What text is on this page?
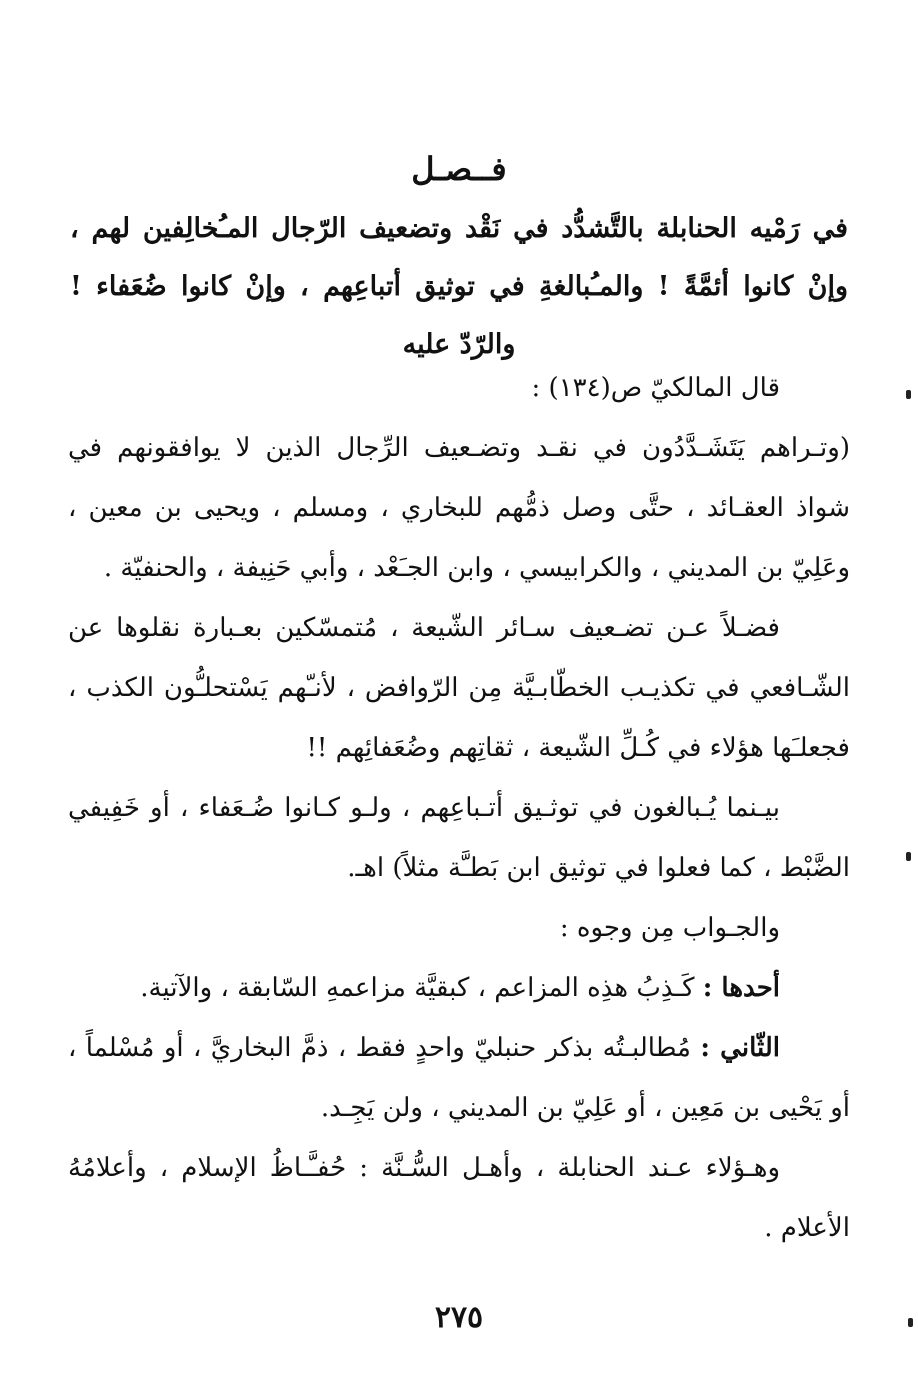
فــصـل
في رَمْيه الحنابلة بالتَّشدُّد في نَقْد وتضعيف الرّجال المـُخالِفين لهم ، وإنْ كانوا أئمَّةً ! والمـُبالغةِ في توثيق أتباعِهم ، وإنْ كانوا ضُعَفاء ! والرّدّ عليه

قال المالكيّ ص(١٣٤) :

(وتـراهم يَتَشَـدَّدُون في نقـد وتضـعيف الرِّجال الذين لا يوافقونهم في شواذ العقـائد ، حتَّى وصل ذمُّهم للبخاري ، ومسلم ، ويحيى بن معين ، وعَلِيّ بن المديني ، والكرابيسي ، وابن الجـَعْد ، وأبي حَنِيفة ، والحنفيّة .

فضـلاً عـن تضـعيف سـائر الشّيعة ، مُتمسّكين بعـبارة نقلوها عن الشّـافعي في تكذيـب الخطّابـيَّة مِن الرّوافض ، لأنـّهم يَسْتحلـُّون الكذب ، فجعلـَها هؤلاء في كُـلِّ الشّيعة ، ثقاتِهم وضُعَفائِهم !!

بيـنما يُـبالغون في توثـيق أتـباعِهم ، ولـو كـانوا ضُـعَفاء ، أو خَفِيفي الضَّبْط ، كما فعلوا في توثيق ابن بَطـَّة مثلاً) اهـ.

والجـواب مِن وجوه :

أحدها : كَـذِبُ هذِه المزاعم ، كبقيَّة مزاعمهِ السّابقة ، والآتية.

الثّاني : مُطالبـتُه بذكر حنبليّ واحدٍ فقط ، ذمَّ البخاريَّ ، أو مُسْلماً ، أو يَحْيى بن مَعِين ، أو عَلِيّ بن المديني ، ولن يَجِـد.

وهـؤلاء عـند الحنابلة ، وأهـل السُّـنَّة : حُفـَّـاظُ الإسلام ، وأعلامُهُ الأعلام .

٢٧٥
